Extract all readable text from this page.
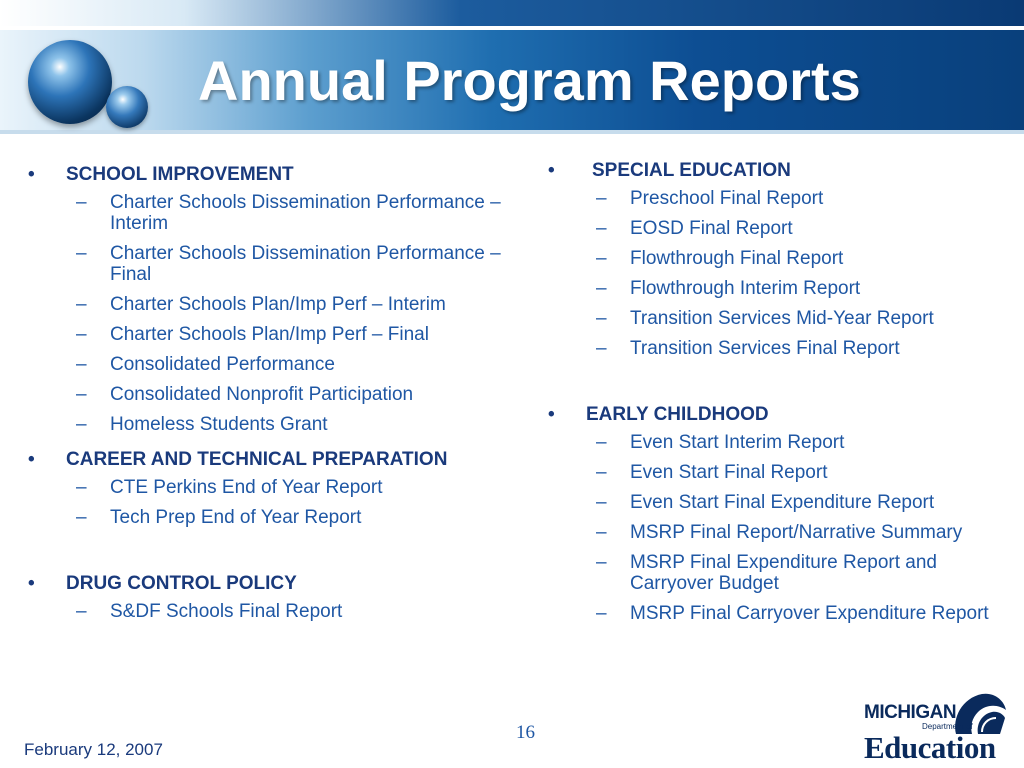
Annual Program Reports
• SCHOOL IMPROVEMENT
– Charter Schools Dissemination Performance –Interim
– Charter Schools Dissemination Performance –Final
– Charter Schools Plan/Imp Perf – Interim
– Charter Schools Plan/Imp Perf – Final
– Consolidated Performance
– Consolidated Nonprofit Participation
– Homeless Students Grant
• CAREER AND TECHNICAL PREPARATION
– CTE Perkins End of Year Report
– Tech Prep End of Year Report
• DRUG CONTROL POLICY
– S&DF Schools Final Report
• SPECIAL EDUCATION
– Preschool Final Report
– EOSD Final Report
– Flowthrough Final Report
– Flowthrough Interim Report
– Transition Services Mid-Year Report
– Transition Services Final Report
• EARLY CHILDHOOD
– Even Start Interim Report
– Even Start Final Report
– Even Start Final Expenditure Report
– MSRP Final Report/Narrative Summary
– MSRP Final Expenditure Report and Carryover Budget
– MSRP Final Carryover Expenditure Report
February 12, 2007
16
MICHIGAN
Department of
Education
